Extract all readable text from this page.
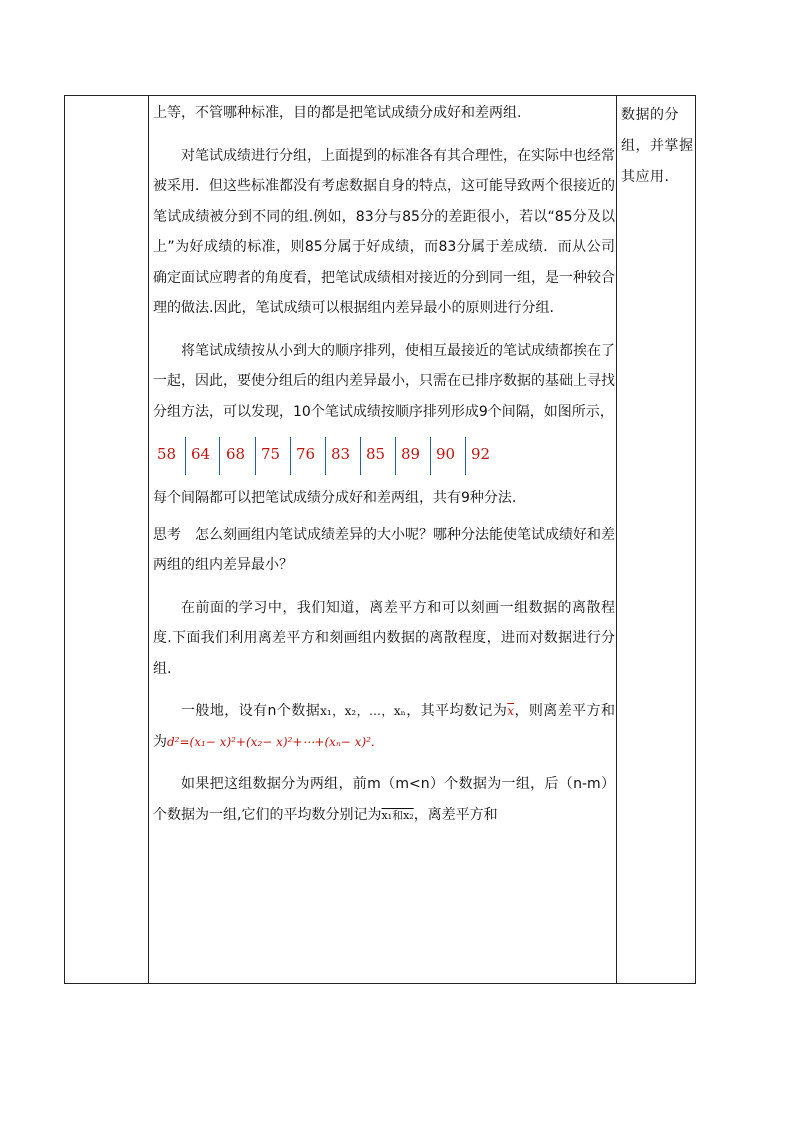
上等，不管哪种标准，目的都是把笔试成绩分成好和差两组.

对笔试成绩进行分组，上面提到的标准各有其合理性，在实际中也经常被采用．但这些标准都没有考虑数据自身的特点，这可能导致两个很接近的笔试成绩被分到不同的组.例如，83分与85分的差距很小，若以“85分及以上”为好成绩的标准，则85分属于好成绩，而83分属于差成绩．而从公司确定面试应聘者的角度看，把笔试成绩相对接近的分到同一组，是一种较合理的做法.因此，笔试成绩可以根据组内差异最小的原则进行分组.

将笔试成绩按从小到大的顺序排列，使相互最接近的笔试成绩都挨在了一起，因此，要使分组后的组内差异最小，只需在已排序数据的基础上寻找分组方法，可以发现，10个笔试成绩按顺序排列形成9个间隔，如图所示，

58 64 68 75 76 83 85 89 90 92

每个间隔都可以把笔试成绩分成好和差两组，共有9种分法.

思考　怎么刻画组内笔试成绩差异的大小呢？哪种分法能使笔试成绩好和差两组的组内差异最小？

在前面的学习中，我们知道，离差平方和可以刻画一组数据的离散程度.下面我们利用离差平方和刻画组内数据的离散程度，进而对数据进行分组.

一般地，设有n个数据x₁，x₂，…，xₙ，其平均数记为$\overline{x}$，则离差平方和为d²=(x₁− x)²+(x₂− x)²+⋯+(xₙ− x)².

如果把这组数据分为两组，前m（m<n）个数据为一组，后（n-m）个数据为一组,它们的平均数分别记为x₁和x₂，离差平方和

数据的分组，并掌握其应用.
